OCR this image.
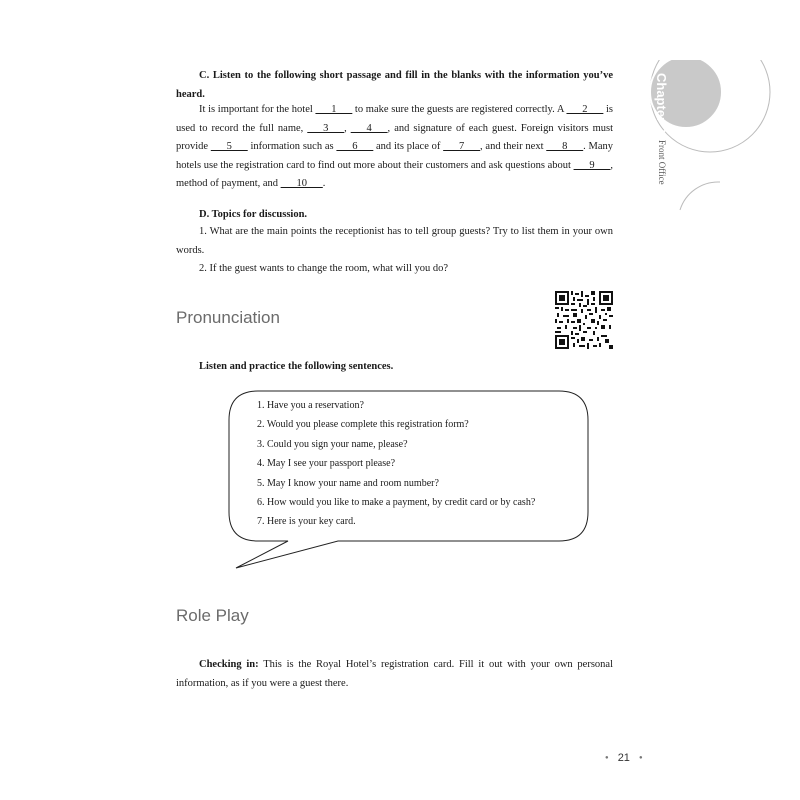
Chapter 2
Front Office
C. Listen to the following short passage and fill in the blanks with the information you’ve heard.
It is important for the hotel ___1___ to make sure the guests are registered correctly. A ___2___ is used to record the full name, ___3___, ___4___, and signature of each guest. Foreign visitors must provide ___5___ information such as ___6___ and its place of ___7___, and their next ___8___. Many hotels use the registration card to find out more about their customers and ask questions about ___9___, method of payment, and ___10___.
D. Topics for discussion.
1. What are the main points the receptionist has to tell group guests? Try to list them in your own words.
2. If the guest wants to change the room, what will you do?
Pronunciation
Listen and practice the following sentences.
1. Have you a reservation?
2. Would you please complete this registration form?
3. Could you sign your name, please?
4. May I see your passport please?
5. May I know your name and room number?
6. How would you like to make a payment, by credit card or by cash?
7. Here is your key card.
Role Play
Checking in: This is the Royal Hotel’s registration card. Fill it out with your own personal information, as if you were a guest there.
● 21 ●
